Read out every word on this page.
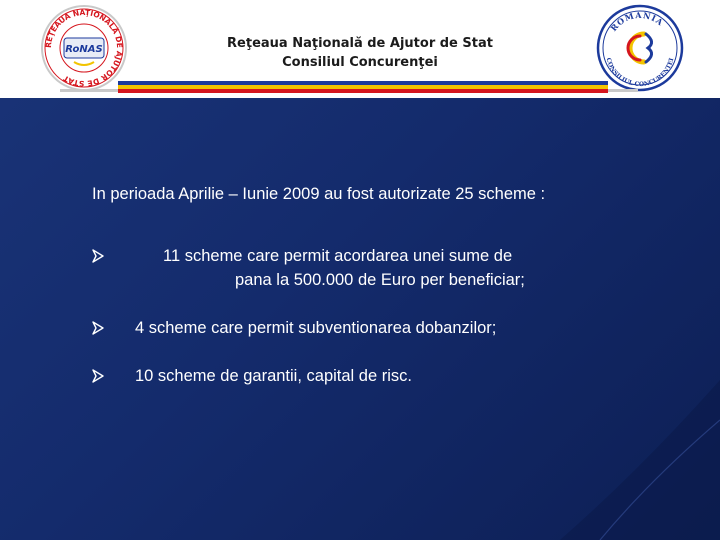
REŢEAUA NAŢIONALĂ DE AJUTOR DE STAT
RoNAS	Reţeaua Naţională de Ajutor de Stat
Consiliul Concurenţei
ROMANIA
CONSILIUL CONCURENTEI
In perioada Aprilie – Iunie 2009 au fost autorizate 25 scheme :
11 scheme care permit acordarea unei sume de
pana la 500.000 de Euro per beneficiar;
4 scheme care permit subventionarea dobanzilor;
10 scheme de garantii, capital de risc.
